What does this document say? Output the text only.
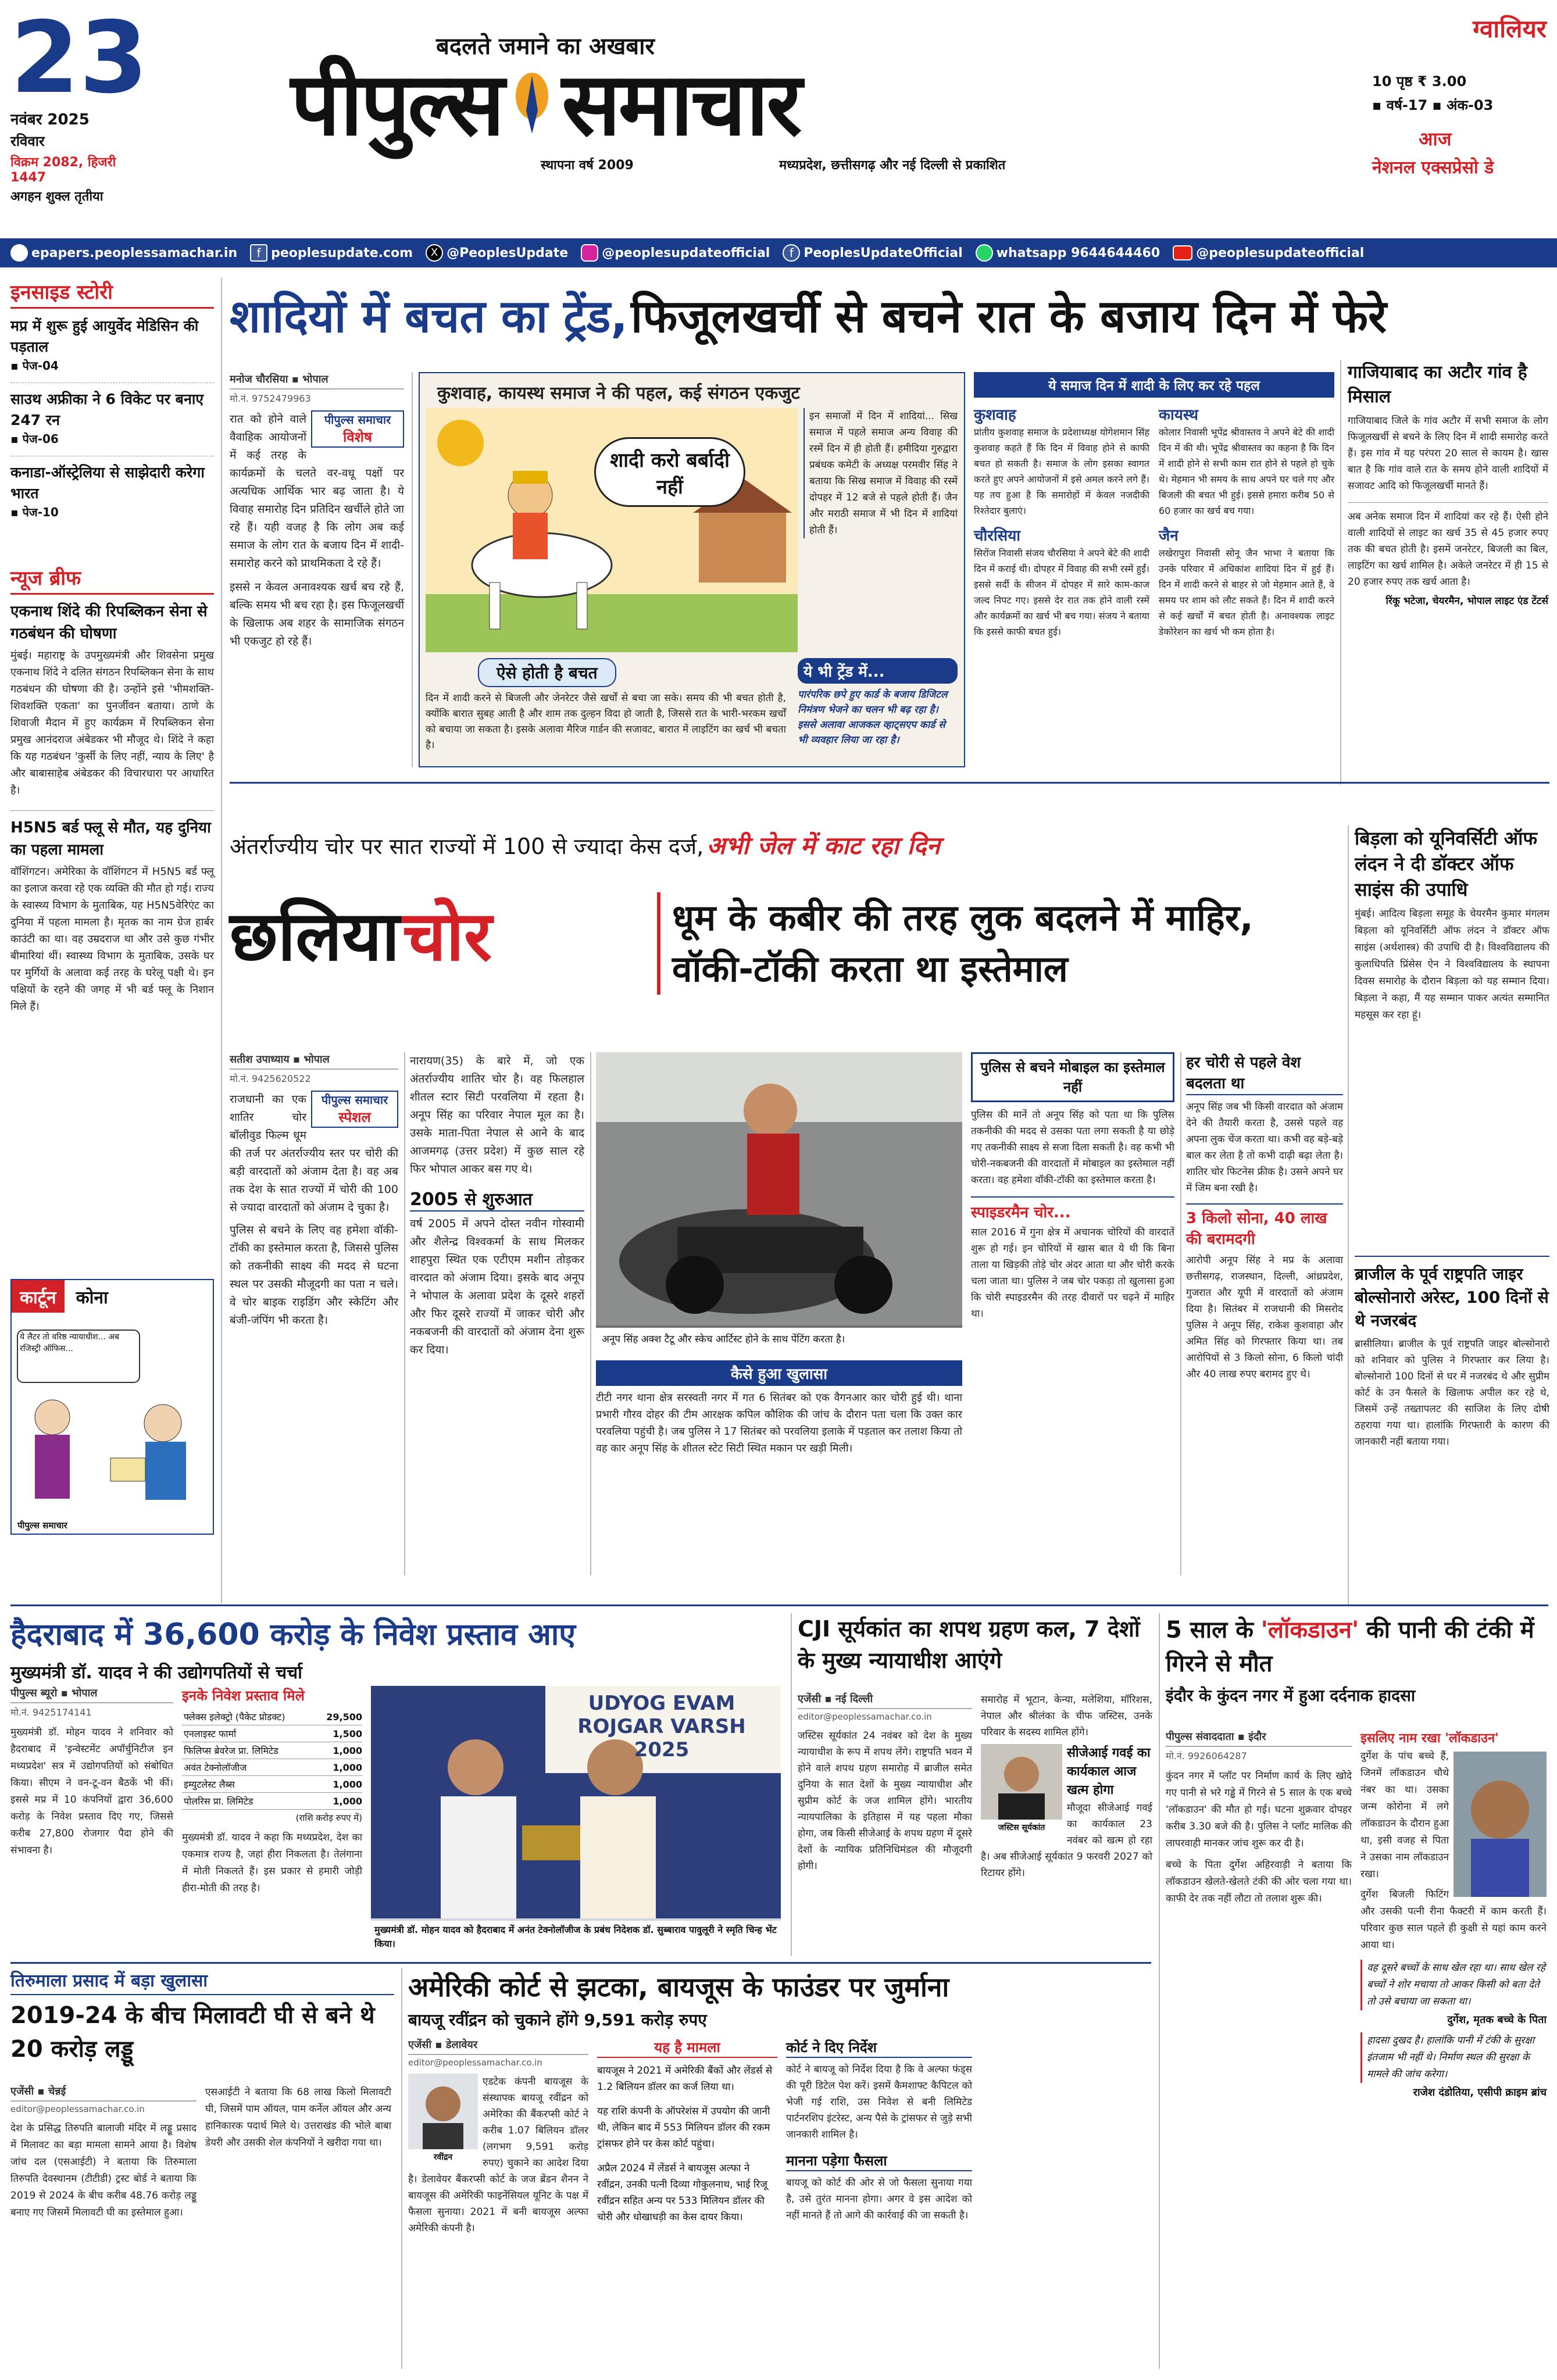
23
नवंबर 2025
रविवार
विक्रम 2082, हिजरी 1447
अगहन शुक्ल तृतीया
बदलते जमाने का अखबार
पीपुल्स समाचार
स्थापना वर्ष 2009	मध्यप्रदेश, छत्तीसगढ़ और नई दिल्ली से प्रकाशित
ग्वालियर
10 पृष्ठ ₹ 3.00
▪ वर्ष-17 ▪ अंक-03
आज
नेशनल एक्सप्रेसो डे
epapers.peoplessamachar.in	f peoplesupdate.com	X @PeoplesUpdate	@peoplesupdateofficial	f PeoplesUpdateOfficial	whatsapp 9644644460	@peoplesupdateofficial
इनसाइड स्टोरी
मप्र में शुरू हुई आयुर्वेद मेडिसिन की पड़ताल
▪ पेज-04
साउथ अफ्रीका ने 6 विकेट पर बनाए 247 रन
▪ पेज-06
कनाडा-ऑस्ट्रेलिया से साझेदारी करेगा भारत
▪ पेज-10
न्यूज ब्रीफ
एकनाथ शिंदे की रिपब्लिकन सेना से गठबंधन की घोषणा
मुंबई। महाराष्ट्र के उपमुख्यमंत्री और शिवसेना प्रमुख एकनाथ शिंदे ने दलित संगठन रिपब्लिकन सेना के साथ गठबंधन की घोषणा की है। उन्होंने इसे 'भीमशक्ति-शिवशक्ति एकता' का पुनर्जीवन बताया। ठाणे के शिवाजी मैदान में हुए कार्यक्रम में रिपब्लिकन सेना प्रमुख आनंदराज अंबेडकर भी मौजूद थे। शिंदे ने कहा कि यह गठबंधन 'कुर्सी के लिए नहीं, न्याय के लिए' है और बाबासाहेब अंबेडकर की विचारधारा पर आधारित है।
H5N5 बर्ड फ्लू से मौत, यह दुनिया का पहला मामला
वॉशिंगटन। अमेरिका के वॉशिंगटन में H5N5 बर्ड फ्लू का इलाज करवा रहे एक व्यक्ति की मौत हो गई। राज्य के स्वास्थ्य विभाग के मुताबिक, यह H5N5वेरिएंट का दुनिया में पहला मामला है। मृतक का नाम ग्रेज हार्बर काउंटी का था। वह उम्रदराज था और उसे कुछ गंभीर बीमारियां थीं। स्वास्थ्य विभाग के मुताबिक, उसके घर पर मुर्गियों के अलावा कई तरह के घरेलू पक्षी थे। इन पक्षियों के रहने की जगह में भी बर्ड फ्लू के निशान मिले हैं।
कार्टून	कोना
ये लैटर तो वरिष्ठ न्यायाधीश... अब रजिस्ट्री ऑफिस...
पीपुल्स समाचार
शादियों में बचत का ट्रेंड, फिजूलखर्ची से बचने रात के बजाय दिन में फेरे
मनोज चौरसिया ▪ भोपाल
मो.नं. 9752479963
पीपुल्स समाचार
विशेष

रात को होने वाले वैवाहिक आयोजनों में कई तरह के कार्यक्रमों के चलते वर-वधू पक्षों पर अत्यधिक आर्थिक भार बढ़ जाता है। ये विवाह समारोह दिन प्रतिदिन खर्चीले होते जा रहे हैं। यही वजह है कि लोग अब कई समाज के लोग रात के बजाय दिन में शादी-समारोह करने को प्राथमिकता दे रहे हैं।

इससे न केवल अनावश्यक खर्च बच रहे हैं, बल्कि समय भी बच रहा है। इस फिजूलखर्ची के खिलाफ अब शहर के सामाजिक संगठन भी एकजुट हो रहे हैं।

कुशवाह, कायस्थ समाज ने की पहल, कई संगठन एकजुट
शादी करो बर्बादी नहीं
इन समाजों में दिन में शादियां... सिख समाज में पहले समाज अन्य विवाह की रस्में दिन में ही होती हैं। हमीदिया गुरुद्वारा प्रबंधक कमेटी के अध्यक्ष परमवीर सिंह ने बताया कि सिख समाज में विवाह की रस्में दोपहर में 12 बजे से पहले होती हैं। जैन और मराठी समाज में भी दिन में शादियां होती हैं।
ऐसे होती है बचत
दिन में शादी करने से बिजली और जेनरेटर जैसे खर्चों से बचा जा सके। समय की भी बचत होती है, क्योंकि बारात सुबह आती है और शाम तक दुल्हन विदा हो जाती है, जिससे रात के भारी-भरकम खर्चों को बचाया जा सकता है। इसके अलावा मैरिज गार्डन की सजावट, बारात में लाइटिंग का खर्च भी बचता है।
ये भी ट्रेंड में...
पारंपरिक छपे हुए कार्ड के बजाय डिजिटल निमंत्रण भेजने का चलन भी बढ़ रहा है। इससे अलावा आजकल व्हाट्सएप कार्ड से भी व्यवहार लिया जा रहा है।
ये समाज दिन में शादी के लिए कर रहे पहल
कुशवाह

प्रांतीय कुशवाह समाज के प्रदेशाध्यक्ष योगेशमान सिंह कुशवाह कहते हैं कि दिन में विवाह होने से काफी बचत हो सकती है। समाज के लोग इसका स्वागत करते हुए अपने आयोजनों में इसे अमल करने लगे हैं। यह तय हुआ है कि समारोहों में केवल नजदीकी रिश्तेदार बुलाएं।

कायस्थ

कोलार निवासी भूपेंद्र श्रीवास्तव ने अपने बेटे की शादी दिन में की थी। भूपेंद्र श्रीवास्तव का कहना है कि दिन में शादी होने से सभी काम रात होने से पहले हो चुके थे। मेहमान भी समय के साथ अपने घर चले गए और बिजली की बचत भी हुई। इससे हमारा करीब 50 से 60 हजार का खर्च बच गया।

चौरसिया

सिरोंज निवासी संजय चौरसिया ने अपने बेटे की शादी दिन में कराई थी। दोपहर में विवाह की सभी रस्में हुईं। इससे सर्दी के सीजन में दोपहर में सारे काम-काज जल्द निपट गए। इससे देर रात तक होने वाली रस्में और कार्यक्रमों का खर्च भी बच गया। संजय ने बताया कि इससे काफी बचत हुई।

जैन

लखेरापुरा निवासी सोनू जैन भाभा ने बताया कि उनके परिवार में अधिकांश शादियां दिन में हुई हैं। दिन में शादी करने से बाहर से जो मेहमान आते हैं, वे समय पर शाम को लौट सकते हैं। दिन में शादी करने से कई खर्चों में बचत होती है। अनावश्यक लाइट डेकोरेशन का खर्च भी कम होता है।

गाजियाबाद का अटौर गांव है मिसाल

गाजियाबाद जिले के गांव अटौर में सभी समाज के लोग फिजूलखर्ची से बचने के लिए दिन में शादी समारोह करते हैं। इस गांव में यह परंपरा 20 साल से कायम है। खास बात है कि गांव वाले रात के समय होने वाली शादियों में सजावट आदि को फिजूलखर्ची मानते हैं।

अब अनेक समाज दिन में शादियां कर रहे हैं। ऐसी होने वाली शादियों से लाइट का खर्च 35 से 45 हजार रुपए तक की बचत होती है। इसमें जनरेटर, बिजली का बिल, लाइटिंग का खर्च शामिल है। अकेले जनरेटर में ही 15 से 20 हजार रुपए तक खर्च आता है।

रिंकू भटेजा, चेयरमैन, भोपाल लाइट एंड टेंटर्स
अंतर्राज्यीय चोर पर सात राज्यों में 100 से ज्यादा केस दर्ज, अभी जेल में काट रहा दिन
छलिया चोर	धूम के कबीर की तरह लुक बदलने में माहिर, वॉकी-टॉकी करता था इस्तेमाल
सतीश उपाध्याय ▪ भोपाल
मो.नं. 9425620522
पीपुल्स समाचार
स्पेशल

राजधानी का एक शातिर चोर बॉलीवुड फिल्म धूम की तर्ज पर अंतर्राज्यीय स्तर पर चोरी की बड़ी वारदातों को अंजाम देता है। वह अब तक देश के सात राज्यों में चोरी की 100 से ज्यादा वारदातों को अंजाम दे चुका है।

पुलिस से बचने के लिए वह हमेशा वॉकी-टॉकी का इस्तेमाल करता है, जिससे पुलिस को तकनीकी साक्ष्य की मदद से घटना स्थल पर उसकी मौजूदगी का पता न चले। वे चोर बाइक राइडिंग और स्केटिंग और बंजी-जंपिंग भी करता है।

नारायण(35) के बारे में, जो एक अंतर्राज्यीय शातिर चोर है। वह फिलहाल शीतल स्टार सिटी परवलिया में रहता है। अनूप सिंह का परिवार नेपाल मूल का है। उसके माता-पिता नेपाल से आने के बाद आजमगढ़ (उत्तर प्रदेश) में कुछ साल रहे फिर भोपाल आकर बस गए थे।

2005 से शुरुआत

वर्ष 2005 में अपने दोस्त नवीन गोस्वामी और शैलेन्द्र विश्वकर्मा के साथ मिलकर शाहपुरा स्थित एक एटीएम मशीन तोड़कर वारदात को अंजाम दिया। इसके बाद अनूप ने भोपाल के अलावा प्रदेश के दूसरे शहरों और फिर दूसरे राज्यों में जाकर चोरी और नकबजनी की वारदातों को अंजाम देना शुरू कर दिया।

अनूप सिंह अक्श टैटू और स्केच आर्टिस्ट होने के साथ पेंटिंग करता है।
पुलिस से बचने मोबाइल का इस्तेमाल नहीं

पुलिस की मानें तो अनूप सिंह को पता था कि पुलिस तकनीकी की मदद से उसका पता लगा सकती है या छोड़े गए तकनीकी साक्ष्य से सजा दिला सकती है। वह कभी भी चोरी-नकबजनी की वारदातों में मोबाइल का इस्तेमाल नहीं करता। वह हमेशा वॉकी-टॉकी का इस्तेमाल करता है।

स्पाइडरमैन चोर...

साल 2016 में गुना क्षेत्र में अचानक चोरियों की वारदातें शुरू हो गई। इन चोरियों में खास बात ये थी कि बिना ताला या खिड़की तोड़े चोर अंदर आता था और चोरी करके चला जाता था। पुलिस ने जब चोर पकड़ा तो खुलासा हुआ कि चोरी स्पाइडरमैन की तरह दीवारों पर चढ़ने में माहिर था।

कैसे हुआ खुलासा

टीटी नगर थाना क्षेत्र सरस्वती नगर में गत 6 सितंबर को एक वैगनआर कार चोरी हुई थी। थाना प्रभारी गौरव दोहर की टीम आरक्षक कपिल कौशिक की जांच के दौरान पता चला कि उक्त कार परवलिया पहुंची है। जब पुलिस ने 17 सितंबर को परवलिया इलाके में पड़ताल कर तलाश किया तो वह कार अनूप सिंह के शीतल स्टेट सिटी स्थित मकान पर खड़ी मिली।

हर चोरी से पहले वेश बदलता था

अनूप सिंह जब भी किसी वारदात को अंजाम देने की तैयारी करता है, उससे पहले वह अपना लुक चेंज करता था। कभी वह बड़े-बड़े बाल कर लेता है तो कभी दाढ़ी बढ़ा लेता है। शातिर चोर फिटनेस फ्रीक है। उसने अपने घर में जिम बना रखी है।

3 किलो सोना, 40 लाख की बरामदगी

आरोपी अनूप सिंह ने मप्र के अलावा छत्तीसगढ़, राजस्थान, दिल्ली, आंध्रप्रदेश, गुजरात और यूपी में वारदातों को अंजाम दिया है। सितंबर में राजधानी की मिसरोद पुलिस ने अनूप सिंह, राकेश कुशवाहा और अमित सिंह को गिरफ्तार किया था। तब आरोपियों से 3 किलो सोना, 6 किलो चांदी और 40 लाख रुपए बरामद हुए थे।

बिड़ला को यूनिवर्सिटी ऑफ लंदन ने दी डॉक्टर ऑफ साइंस की उपाधि

मुंबई। आदित्य बिड़ला समूह के चेयरमैन कुमार मंगलम बिड़ला को यूनिवर्सिटी ऑफ लंदन ने डॉक्टर ऑफ साइंस (अर्थशास्त्र) की उपाधि दी है। विश्वविद्यालय की कुलाधिपति प्रिंसेस ऐन ने विश्वविद्यालय के स्थापना दिवस समारोह के दौरान बिड़ला को यह सम्मान दिया। बिड़ला ने कहा, मैं यह सम्मान पाकर अत्यंत सम्मानित महसूस कर रहा हूं।

ब्राजील के पूर्व राष्ट्रपति जाइर बोल्सोनारो अरेस्ट, 100 दिनों से थे नजरबंद

ब्रासीलिया। ब्राजील के पूर्व राष्ट्रपति जाइर बोल्सोनारो को शनिवार को पुलिस ने गिरफ्तार कर लिया है। बोल्सोनारो 100 दिनों से घर में नजरबंद थे और सुप्रीम कोर्ट के उन फैसले के खिलाफ अपील कर रहे थे, जिसमें उन्हें तख्तापलट की साजिश के लिए दोषी ठहराया गया था। हालांकि गिरफ्तारी के कारण की जानकारी नहीं बताया गया।

हैदराबाद में 36,600 करोड़ के निवेश प्रस्ताव आए
मुख्यमंत्री डॉ. यादव ने की उद्योगपतियों से चर्चा
पीपुल्स ब्यूरो ▪ भोपाल
मो.नं. 9425174141

मुख्यमंत्री डॉ. मोहन यादव ने शनिवार को हैदराबाद में 'इन्वेस्टमेंट अपॉर्चुनिटीज इन मध्यप्रदेश' सत्र में उद्योगपतियों को संबोधित किया। सीएम ने वन-टू-वन बैठकें भी कीं। इससे मप्र में 10 कंपनियों द्वारा 36,600 करोड़ के निवेश प्रस्ताव दिए गए, जिससे करीब 27,800 रोजगार पैदा होने की संभावना है।

इनके निवेश प्रस्ताव मिले
फ्लेक्स इलेक्ट्रो (पैकेट प्रोडक्ट)	29,500
एनलाइस्ट फार्मा	1,500
फिलिप्स ब्रेवरेज प्रा. लिमिटेड	1,000
अवंत टेक्नोलॉजीज	1,000
इम्युटलेस्ट लैब्स	1,000
पोलरिस प्रा. लिमिटेड	1,000
(राशि करोड़ रुपए में)

मुख्यमंत्री डॉ. यादव ने कहा कि मध्यप्रदेश, देश का एकमात्र राज्य है, जहां हीरा निकलता है। तेलंगाना में मोती निकलते हैं। इस प्रकार से हमारी जोड़ी हीरा-मोती की तरह है।

UDYOG EVAM ROJGAR VARSH 2025
मुख्यमंत्री डॉ. मोहन यादव को हैदराबाद में अनंत टेक्नोलॉजीज के प्रबंध निदेशक डॉ. सुब्बाराव पावुलूरी ने स्मृति चिन्ह भेंट किया।
CJI सूर्यकांत का शपथ ग्रहण कल, 7 देशों के मुख्य न्यायाधीश आएंगे
एजेंसी ▪ नई दिल्ली
editor@peoplessamachar.co.in

जस्टिस सूर्यकांत 24 नवंबर को देश के मुख्य न्यायाधीश के रूप में शपथ लेंगे। राष्ट्रपति भवन में होने वाले शपथ ग्रहण समारोह में ब्राजील समेत दुनिया के सात देशों के मुख्य न्यायाधीश और सुप्रीम कोर्ट के जज शामिल होंगे। भारतीय न्यायपालिका के इतिहास में यह पहला मौका होगा, जब किसी सीजेआई के शपथ ग्रहण में दूसरे देशों के न्यायिक प्रतिनिधिमंडल की मौजूदगी होगी।

समारोह में भूटान, केन्या, मलेशिया, मॉरिशस, नेपाल और श्रीलंका के चीफ जस्टिस, उनके परिवार के सदस्य शामिल होंगे।

जस्टिस सूर्यकांत
सीजेआई गवई का कार्यकाल आज खत्म होगा

मौजूदा सीजेआई गवई का कार्यकाल 23 नवंबर को खत्म हो रहा है। अब सीजेआई सूर्यकांत 9 फरवरी 2027 को रिटायर होंगे।

5 साल के 'लॉकडाउन' की पानी की टंकी में गिरने से मौत
इंदौर के कुंदन नगर में हुआ दर्दनाक हादसा
पीपुल्स संवाददाता ▪ इंदौर
मो.नं. 9926064287

कुंदन नगर में प्लॉट पर निर्माण कार्य के लिए खोदे गए पानी से भरे गड्ढे में गिरने से 5 साल के एक बच्चे 'लॉकडाउन' की मौत हो गई। घटना शुक्रवार दोपहर करीब 3.30 बजे की है। पुलिस ने प्लॉट मालिक की लापरवाही मानकर जांच शुरू कर दी है।

बच्चे के पिता दुर्गेश अहिरवाड़ी ने बताया कि लॉकडाउन खेलते-खेलते टंकी की ओर चला गया था। काफी देर तक नहीं लौटा तो तलाश शुरू की।

इसलिए नाम रखा 'लॉकडाउन'

दुर्गेश के पांच बच्चे हैं, जिनमें लॉकडाउन चौथे नंबर का था। उसका जन्म कोरोना में लगे लॉकडाउन के दौरान हुआ था, इसी वजह से पिता ने उसका नाम लॉकडाउन रखा।

दुर्गेश बिजली फिटिंग और उसकी पत्नी रीना फैक्टरी में काम करती हैं। परिवार कुछ साल पहले ही कुक्षी से यहां काम करने आया था।

वह दूसरे बच्चों के साथ खेल रहा था। साथ खेल रहे बच्चों ने शोर मचाया तो आकर किसी को बता देते तो उसे बचाया जा सकता था।

दुर्गेश, मृतक बच्चे के पिता

हादसा दुखद है। हालांकि पानी में टंकी के सुरक्षा इंतजाम भी नहीं थे। निर्माण स्थल की सुरक्षा के मामले की जांच करेगा।

राजेश दंडोतिया, एसीपी क्राइम ब्रांच
तिरुमाला प्रसाद में बड़ा खुलासा
2019-24 के बीच मिलावटी घी से बने थे 20 करोड़ लड्डू
एजेंसी ▪ चेन्नई
editor@peoplessamachar.co.in

देश के प्रसिद्ध तिरुपति बालाजी मंदिर में लड्डू प्रसाद में मिलावट का बड़ा मामला सामने आया है। विशेष जांच दल (एसआईटी) ने बताया कि तिरुमाला तिरुपति देवस्थानम (टीटीडी) ट्रस्ट बोर्ड ने बताया कि 2019 से 2024 के बीच करीब 48.76 करोड़ लड्डू बनाए गए जिसमें मिलावटी घी का इस्तेमाल हुआ।

एसआईटी ने बताया कि 68 लाख किलो मिलावटी घी, जिसमें पाम ऑयल, पाम कर्नेल ऑयल और अन्य हानिकारक पदार्थ मिले थे। उत्तराखंड की भोले बाबा डेयरी और उसकी शेल कंपनियों ने खरीदा गया था।

अमेरिकी कोर्ट से झटका, बायजूस के फाउंडर पर जुर्माना
बायजू रवींद्रन को चुकाने होंगे 9,591 करोड़ रुपए
एजेंसी ▪ डेलावेयर
editor@peoplessamachar.co.in
रवींद्रन

एडटेक कंपनी बायजूस के संस्थापक बायजू रवींद्रन को अमेरिका की बैंकरप्सी कोर्ट ने करीब 1.07 बिलियन डॉलर (लगभग 9,591 करोड़ रुपए) चुकाने का आदेश दिया है। डेलावेयर बैंकरप्सी कोर्ट के जज ब्रेंडन शैनन ने बायजूस की अमेरिकी फाइनेंसियल यूनिट के पक्ष में फैसला सुनाया। 2021 में बनी बायजूस अल्फा अमेरिकी कंपनी है।

यह है मामला
बायजूस ने 2021 में अमेरिकी बैंकों और लेंडर्स से 1.2 बिलियन डॉलर का कर्ज लिया था।
यह राशि कंपनी के ऑपरेशंस में उपयोग की जानी थी, लेकिन बाद में 553 मिलियन डॉलर की रकम ट्रांसफर होने पर केस कोर्ट पहुंचा।
अप्रैल 2024 में लेंडर्स ने बायजूस अल्फा ने रवींद्रन, उनकी पत्नी दिव्या गोकुलनाथ, भाई रिजू रवींद्रन सहित अन्य पर 533 मिलियन डॉलर की चोरी और धोखाधड़ी का केस दायर किया।
कोर्ट ने दिए निर्देश

कोर्ट ने बायजू को निर्देश दिया है कि वे अल्फा फंड्स की पूरी डिटेल पेश करें। इसमें कैमशाफ्ट कैपिटल को भेजी गई राशि, उस निवेश से बनी लिमिटेड पार्टनरशिप इंटरेस्ट, अन्य पैसे के ट्रांसफर से जुड़े सभी जानकारी शामिल है।

मानना पड़ेगा फैसला

बायजू को कोर्ट की ओर से जो फैसला सुनाया गया है, उसे तुरंत मानना होगा। अगर वे इस आदेश को नहीं मानते हैं तो आगे की कार्रवाई की जा सकती है।
